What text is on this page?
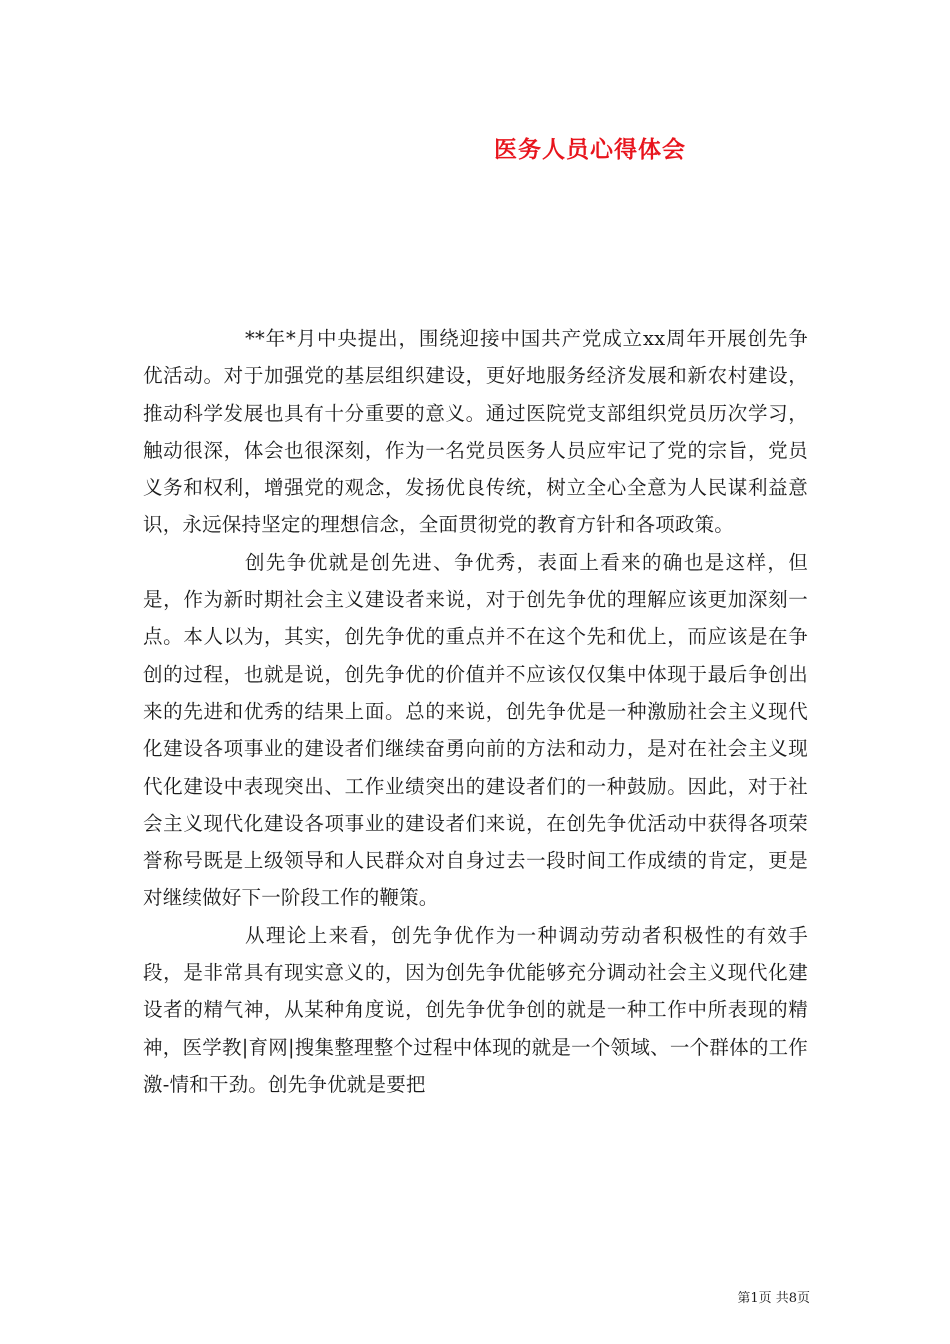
医务人员心得体会

**年*月中央提出，围绕迎接中国共产党成立xx周年开展创先争优活动。对于加强党的基层组织建设，更好地服务经济发展和新农村建设，推动科学发展也具有十分重要的意义。通过医院党支部组织党员历次学习，触动很深，体会也很深刻，作为一名党员医务人员应牢记了党的宗旨，党员义务和权利，增强党的观念，发扬优良传统，树立全心全意为人民谋利益意识，永远保持坚定的理想信念，全面贯彻党的教育方针和各项政策。

创先争优就是创先进、争优秀，表面上看来的确也是这样，但是，作为新时期社会主义建设者来说，对于创先争优的理解应该更加深刻一点。本人以为，其实，创先争优的重点并不在这个先和优上，而应该是在争创的过程，也就是说，创先争优的价值并不应该仅仅集中体现于最后争创出来的先进和优秀的结果上面。总的来说，创先争优是一种激励社会主义现代化建设各项事业的建设者们继续奋勇向前的方法和动力，是对在社会主义现代化建设中表现突出、工作业绩突出的建设者们的一种鼓励。因此，对于社会主义现代化建设各项事业的建设者们来说，在创先争优活动中获得各项荣誉称号既是上级领导和人民群众对自身过去一段时间工作成绩的肯定，更是对继续做好下一阶段工作的鞭策。

从理论上来看，创先争优作为一种调动劳动者积极性的有效手段，是非常具有现实意义的，因为创先争优能够充分调动社会主义现代化建设者的精气神，从某种角度说，创先争优争创的就是一种工作中所表现的精神，医学教|育网|搜集整理整个过程中体现的就是一个领域、一个群体的工作激-情和干劲。创先争优就是要把

第1页 共8页
